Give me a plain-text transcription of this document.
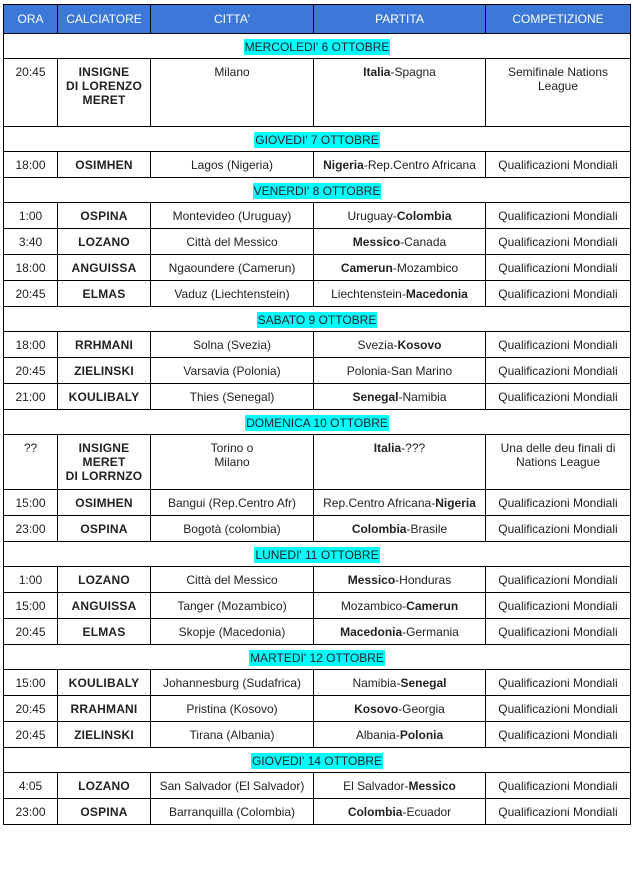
ORA	CALCIATORE	CITTA'	PARTITA	COMPETIZIONE
MERCOLEDI' 6 OTTOBRE				
20:45	INSIGNE
DI LORENZO
MERET	Milano	Italia-Spagna	Semifinale Nations League
GIOVEDI' 7 OTTOBRE				
18:00	OSIMHEN	Lagos (Nigeria)	Nigeria-Rep.Centro Africana	Qualificazioni Mondiali
VENERDI' 8 OTTOBRE				
1:00	OSPINA	Montevideo (Uruguay)	Uruguay-Colombia	Qualificazioni Mondiali
3:40	LOZANO	Città del Messico	Messico-Canada	Qualificazioni Mondiali
18:00	ANGUISSA	Ngaoundere (Camerun)	Camerun-Mozambico	Qualificazioni Mondiali
20:45	ELMAS	Vaduz (Liechtenstein)	Liechtenstein-Macedonia	Qualificazioni Mondiali
SABATO 9 OTTOBRE				
18:00	RRHMANI	Solna (Svezia)	Svezia-Kosovo	Qualificazioni Mondiali
20:45	ZIELINSKI	Varsavia (Polonia)	Polonia-San Marino	Qualificazioni Mondiali
21:00	KOULIBALY	Thies (Senegal)	Senegal-Namibia	Qualificazioni Mondiali
DOMENICA 10 OTTOBRE				
??	INSIGNE
MERET
DI LORRNZO	Torino o
Milano	Italia-???	Una delle deu finali di Nations League
15:00	OSIMHEN	Bangui (Rep.Centro Afr)	Rep.Centro Africana-Nigeria	Qualificazioni Mondiali
23:00	OSPINA	Bogotà (colombia)	Colombia-Brasile	Qualificazioni Mondiali
LUNEDI' 11 OTTOBRE				
1:00	LOZANO	Città del Messico	Messico-Honduras	Qualificazioni Mondiali
15:00	ANGUISSA	Tanger (Mozambico)	Mozambico-Camerun	Qualificazioni Mondiali
20:45	ELMAS	Skopje (Macedonia)	Macedonia-Germania	Qualificazioni Mondiali
MARTEDI' 12 OTTOBRE				
15:00	KOULIBALY	Johannesburg (Sudafrica)	Namibia-Senegal	Qualificazioni Mondiali
20:45	RRAHMANI	Pristina (Kosovo)	Kosovo-Georgia	Qualificazioni Mondiali
20:45	ZIELINSKI	Tirana (Albania)	Albania-Polonia	Qualificazioni Mondiali
GIOVEDI' 14 OTTOBRE				
4:05	LOZANO	San Salvador (El Salvador)	El Salvador-Messico	Qualificazioni Mondiali
23:00	OSPINA	Barranquilla (Colombia)	Colombia-Ecuador	Qualificazioni Mondiali
